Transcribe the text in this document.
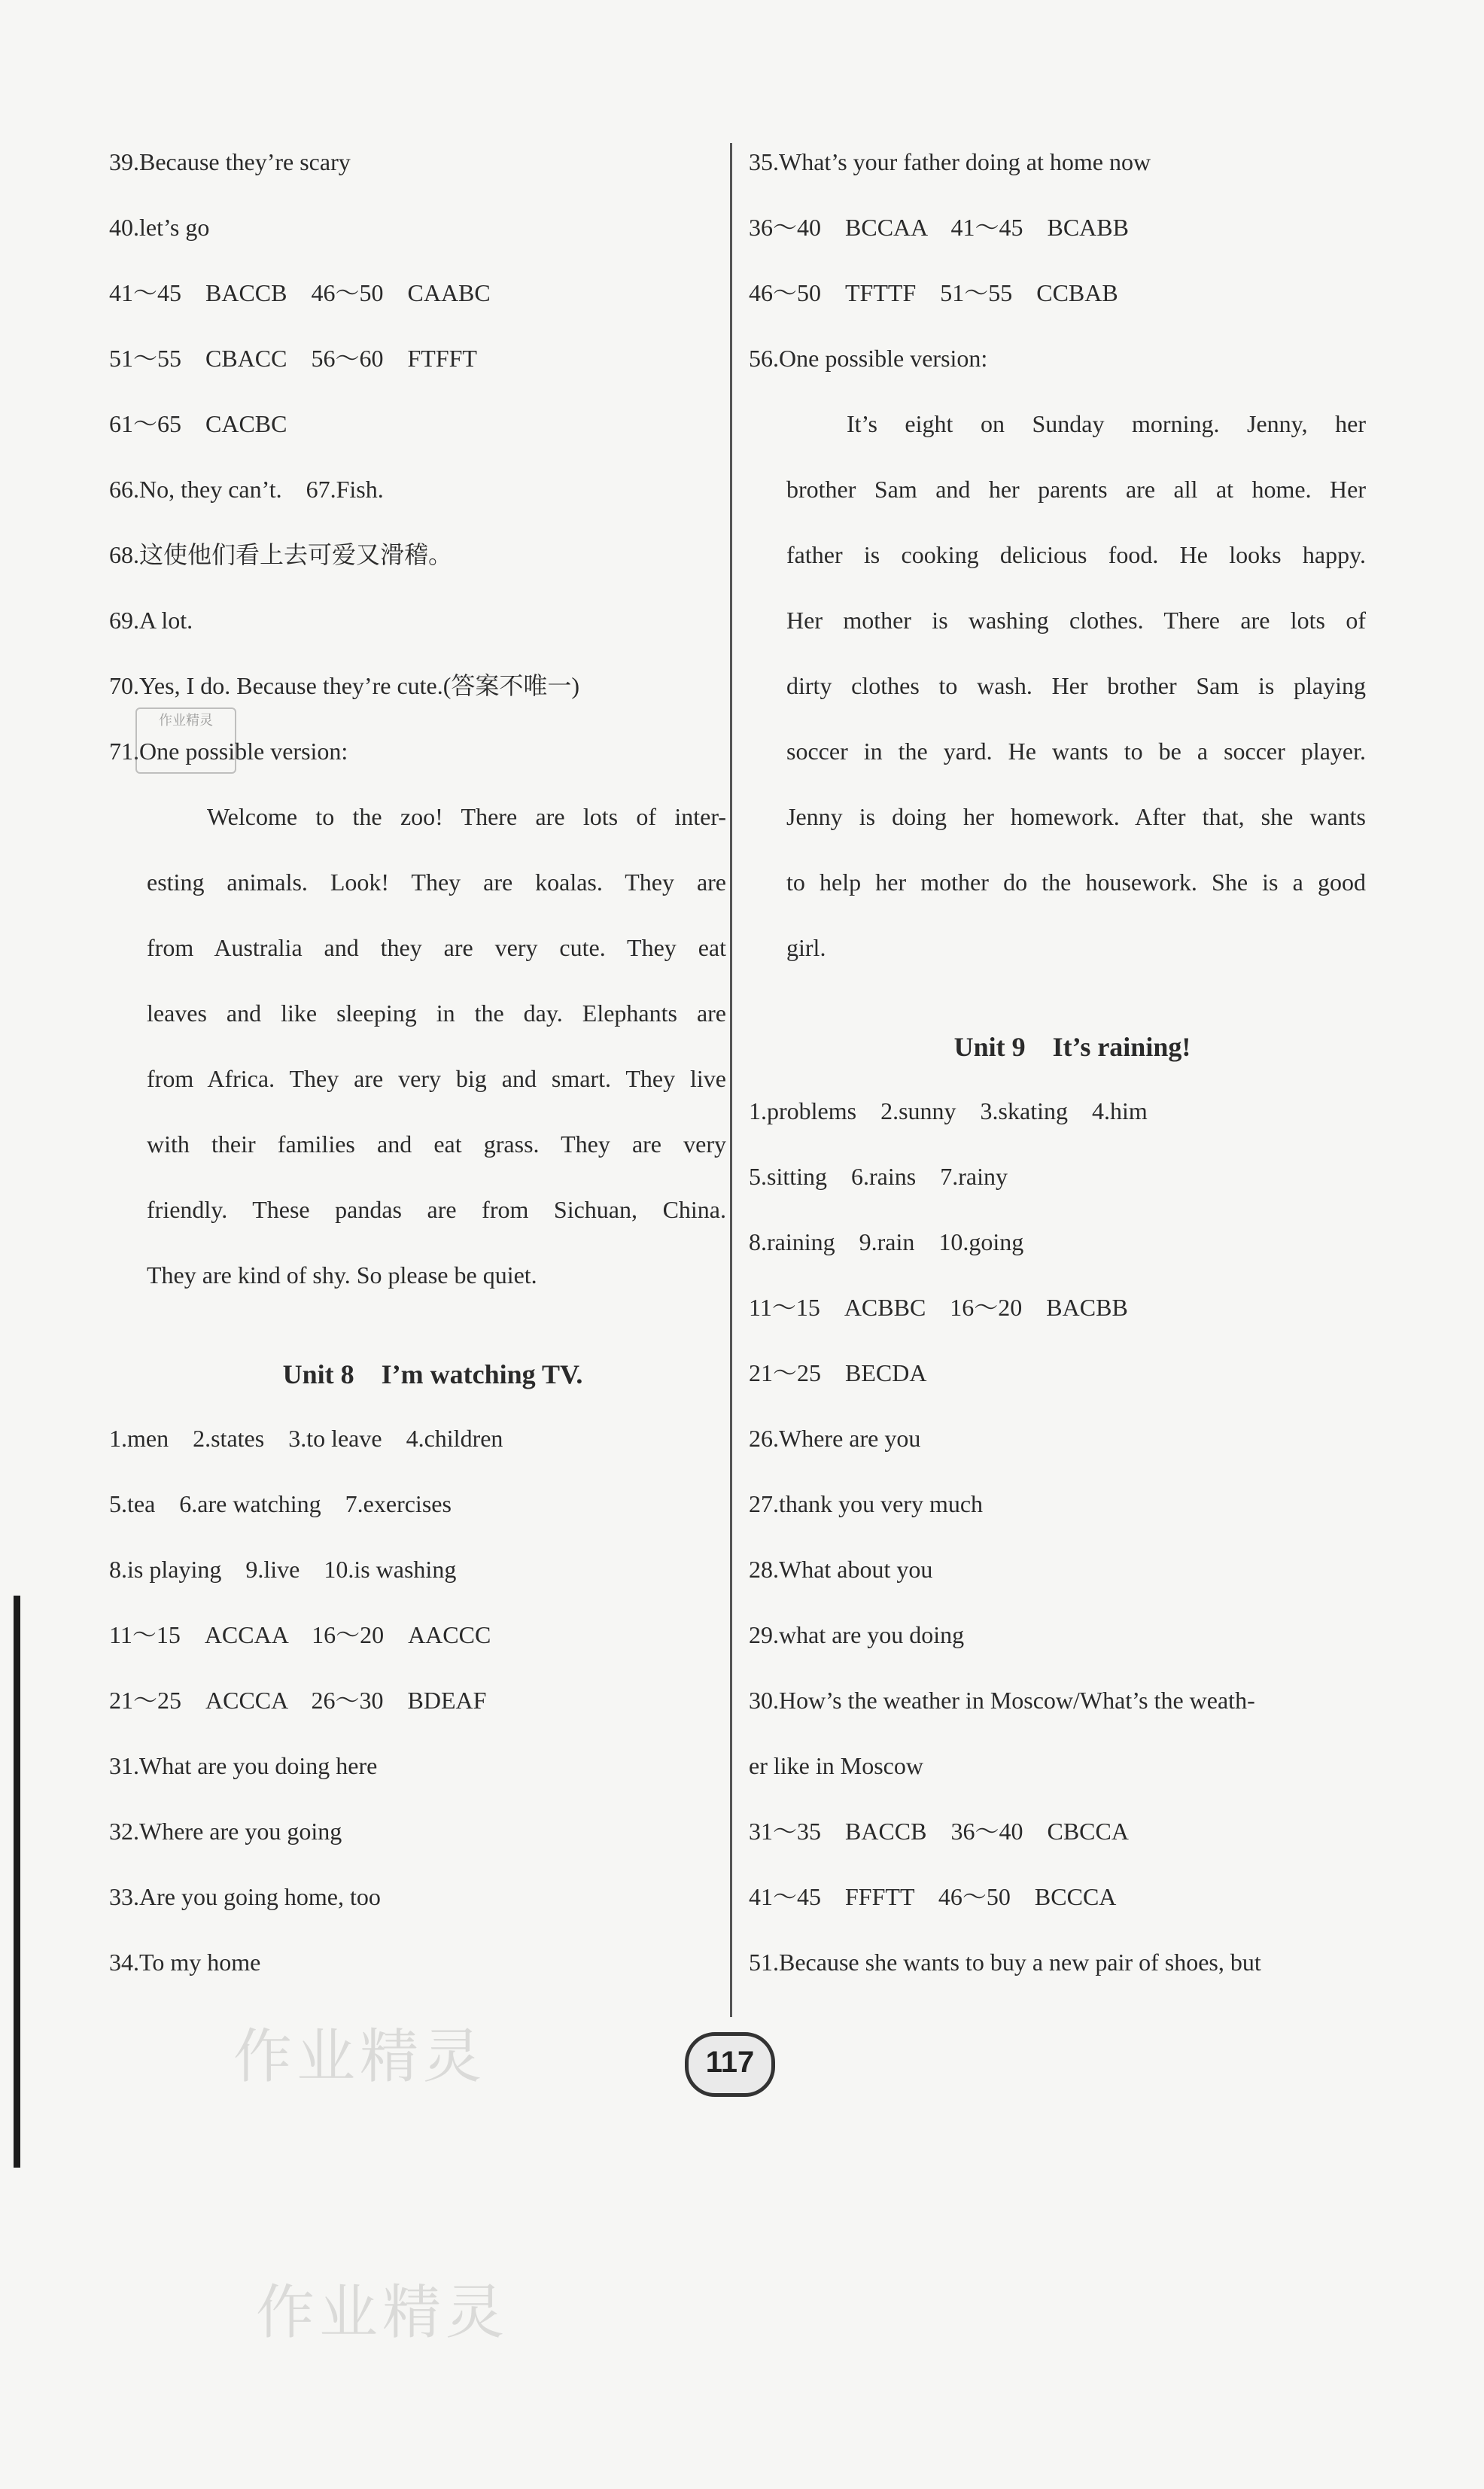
39.Because they’re scary
40.let’s go
41～45　BACCB　46～50　CAABC
51～55　CBACC　56～60　FTFFT
61～65　CACBC
66.No, they can’t.　67.Fish.
68.这使他们看上去可爱又滑稽。
69.A lot.
70.Yes, I do. Because they’re cute.(答案不唯一)
71.One possible version:
Welcome to the zoo! There are lots of inter-
esting animals. Look! They are koalas. They are
from Australia and they are very cute. They eat
leaves and like sleeping in the day. Elephants are
from Africa. They are very big and smart. They live
with their families and eat grass. They are very
friendly. These pandas are from Sichuan, China.
They are kind of shy. So please be quiet.
Unit 8　I’m watching TV.
1.men　2.states　3.to leave　4.children
5.tea　6.are watching　7.exercises
8.is playing　9.live　10.is washing
11～15　ACCAA　16～20　AACCC
21～25　ACCCA　26～30　BDEAF
31.What are you doing here
32.Where are you going
33.Are you going home, too
34.To my home
35.What’s your father doing at home now
36～40　BCCAA　41～45　BCABB
46～50　TFTTF　51～55　CCBAB
56.One possible version:
It’s eight on Sunday morning. Jenny, her
brother Sam and her parents are all at home. Her
father is cooking delicious food. He looks happy.
Her mother is washing clothes. There are lots of
dirty clothes to wash. Her brother Sam is playing
soccer in the yard. He wants to be a soccer player.
Jenny is doing her homework. After that, she wants
to help her mother do the housework. She is a good
girl.
Unit 9　It’s raining!
1.problems　2.sunny　3.skating　4.him
5.sitting　6.rains　7.rainy
8.raining　9.rain　10.going
11～15　ACBBC　16～20　BACBB
21～25　BECDA
26.Where are you
27.thank you very much
28.What about you
29.what are you doing
30.How’s the weather in Moscow/What’s the weath-
er like in Moscow
31～35　BACCB　36～40　CBCCA
41～45　FFFTT　46～50　BCCCA
51.Because she wants to buy a new pair of shoes, but
作业精灵
作业精灵
作业精灵
117
